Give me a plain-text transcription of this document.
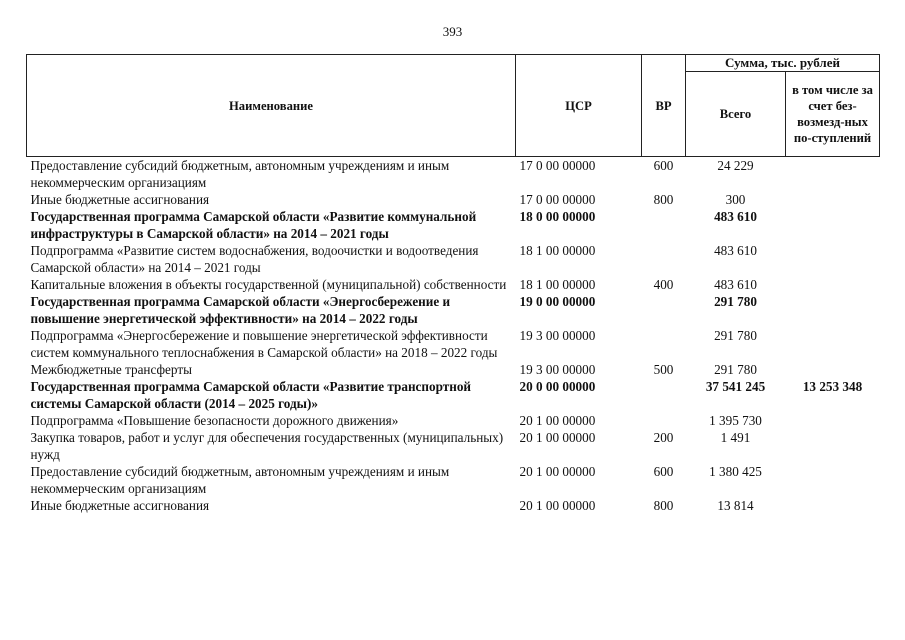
393
Наименование	ЦСР	ВР	Сумма, тыс. рублей	
			Всего	в том числе за счет без-возмезд-ных по-ступлений
Предоставление субсидий бюджетным, автономным учреждениям и иным некоммерческим организациям	17 0 00 00000	600	24 229	
Иные бюджетные ассигнования	17 0 00 00000	800	300	
Государственная программа Самарской области «Развитие коммунальной инфраструктуры в Самарской области» на 2014 – 2021 годы	18 0 00 00000		483 610	
Подпрограмма «Развитие систем водоснабжения, водоочистки и водоотведения Самарской области» на 2014 – 2021 годы	18 1 00 00000		483 610	
Капитальные вложения в объекты государственной (муниципальной) собственности	18 1 00 00000	400	483 610	
Государственная программа Самарской области «Энергосбережение и повышение энергетической эффективности» на 2014 – 2022 годы	19 0 00 00000		291 780	
Подпрограмма «Энергосбережение и повышение энергетической эффективности систем коммунального теплоснабжения в Самарской области» на 2018 – 2022 годы	19 3 00 00000		291 780	
Межбюджетные трансферты	19 3 00 00000	500	291 780	
Государственная программа Самарской области «Развитие транспортной системы Самарской области (2014 – 2025 годы)»	20 0 00 00000		37 541 245	13 253 348
Подпрограмма «Повышение безопасности дорожного движения»	20 1 00 00000		1 395 730	
Закупка товаров, работ и услуг для обеспечения государственных (муниципальных) нужд	20 1 00 00000	200	1 491	
Предоставление субсидий бюджетным, автономным учреждениям и иным некоммерческим организациям	20 1 00 00000	600	1 380 425	
Иные бюджетные ассигнования	20 1 00 00000	800	13 814	
